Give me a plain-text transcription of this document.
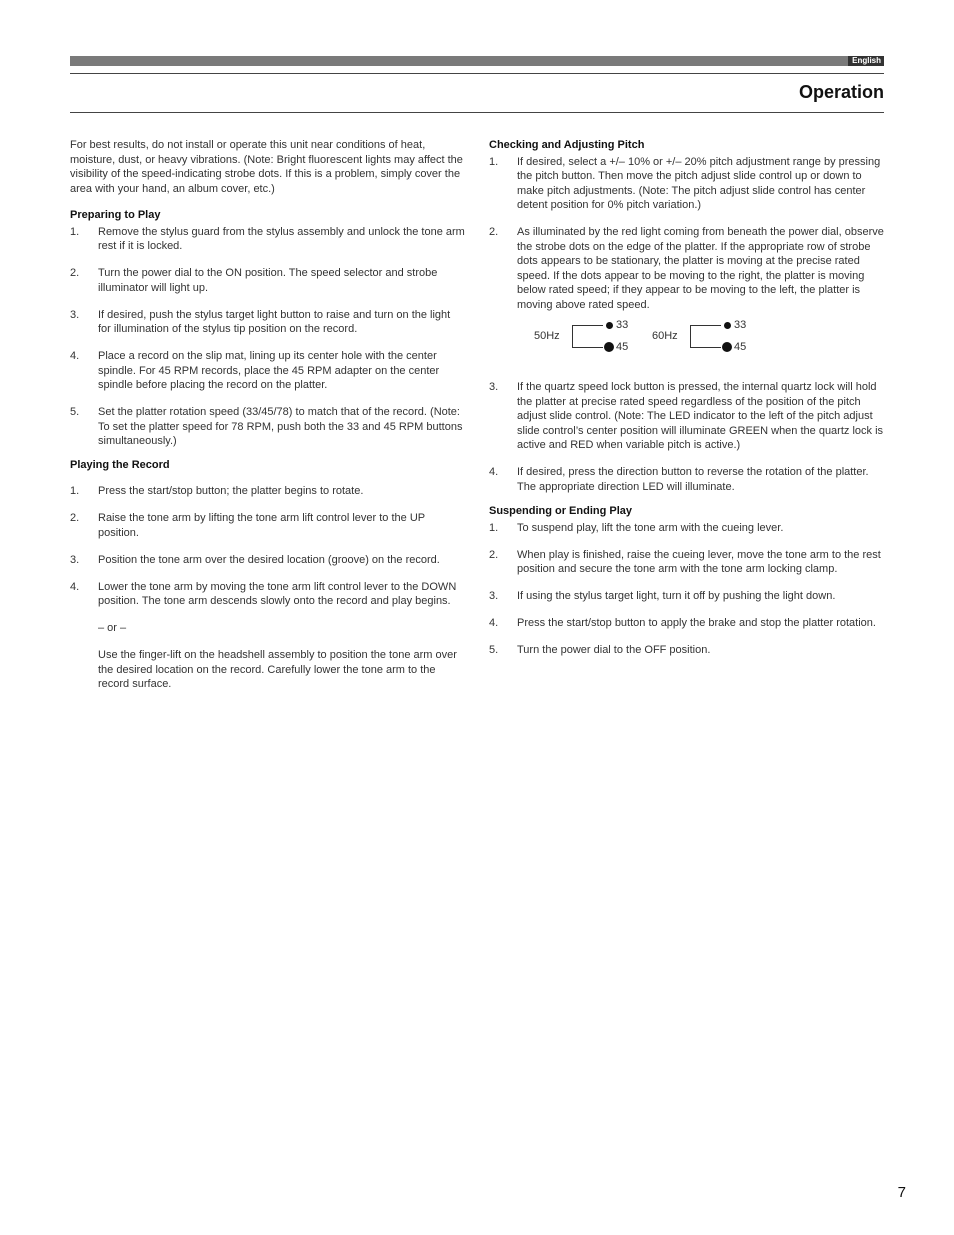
English
Operation

For best results, do not install or operate this unit near conditions of heat, moisture, dust, or heavy vibrations. (Note: Bright fluorescent lights may affect the visibility of the speed-indicating strobe dots. If this is a problem, simply cover the area with your hand, an album cover, etc.)

Preparing to Play

1.	Remove the stylus guard from the stylus assembly and unlock the tone arm rest if it is locked.
2.	Turn the power dial to the ON position. The speed selector and strobe illuminator will light up.
3.	If desired, push the stylus target light button to raise and turn on the light for illumination of the stylus tip position on the record.
4.	Place a record on the slip mat, lining up its center hole with the center spindle. For 45 RPM records, place the 45 RPM adapter on the center spindle before placing the record on the platter.
5.	Set the platter rotation speed (33/45/78) to match that of the record. (Note: To set the platter speed for 78 RPM, push both the 33 and 45 RPM buttons simultaneously.)

Playing the Record

1.	Press the start/stop button; the platter begins to rotate.
2.	Raise the tone arm by lifting the tone arm lift control lever to the UP position.
3.	Position the tone arm over the desired location (groove) on the record.
4.	Lower the tone arm by moving the tone arm lift control lever to the DOWN position. The tone arm descends slowly onto the record and play begins.

– or –

Use the finger-lift on the headshell assembly to position the tone arm over the desired location on the record. Carefully lower the tone arm to the record surface.

Checking and Adjusting Pitch

1.	If desired, select a +/– 10% or +/– 20% pitch adjustment range by pressing the pitch button. Then move the pitch adjust slide control up or down to make pitch adjustments. (Note: The pitch adjust slide control has center detent position for 0% pitch variation.)
2.	As illuminated by the red light coming from beneath the power dial, observe the strobe dots on the edge of the platter. If the appropriate row of strobe dots appears to be stationary, the platter is moving at the precise rated speed. If the dots appear to be moving to the right, the platter is moving below rated speed; if they appear to be moving to the left, the platter is moving above rated speed.
50Hz
33
45
60Hz
33
45
3.	If the quartz speed lock button is pressed, the internal quartz lock will hold the platter at precise rated speed regardless of the position of the pitch adjust slide control. (Note: The LED indicator to the left of the pitch adjust slide control’s center position will illuminate GREEN when the quartz lock is active and RED when variable pitch is active.)
4.	If desired, press the direction button to reverse the rotation of the platter. The appropriate direction LED will illuminate.

Suspending or Ending Play

1.	To suspend play, lift the tone arm with the cueing lever.
2.	When play is finished, raise the cueing lever, move the tone arm to the rest position and secure the tone arm with the tone arm locking clamp.
3.	If using the stylus target light, turn it off by pushing the light down.
4.	Press the start/stop button to apply the brake and stop the platter rotation.
5.	Turn the power dial to the OFF position.
7
